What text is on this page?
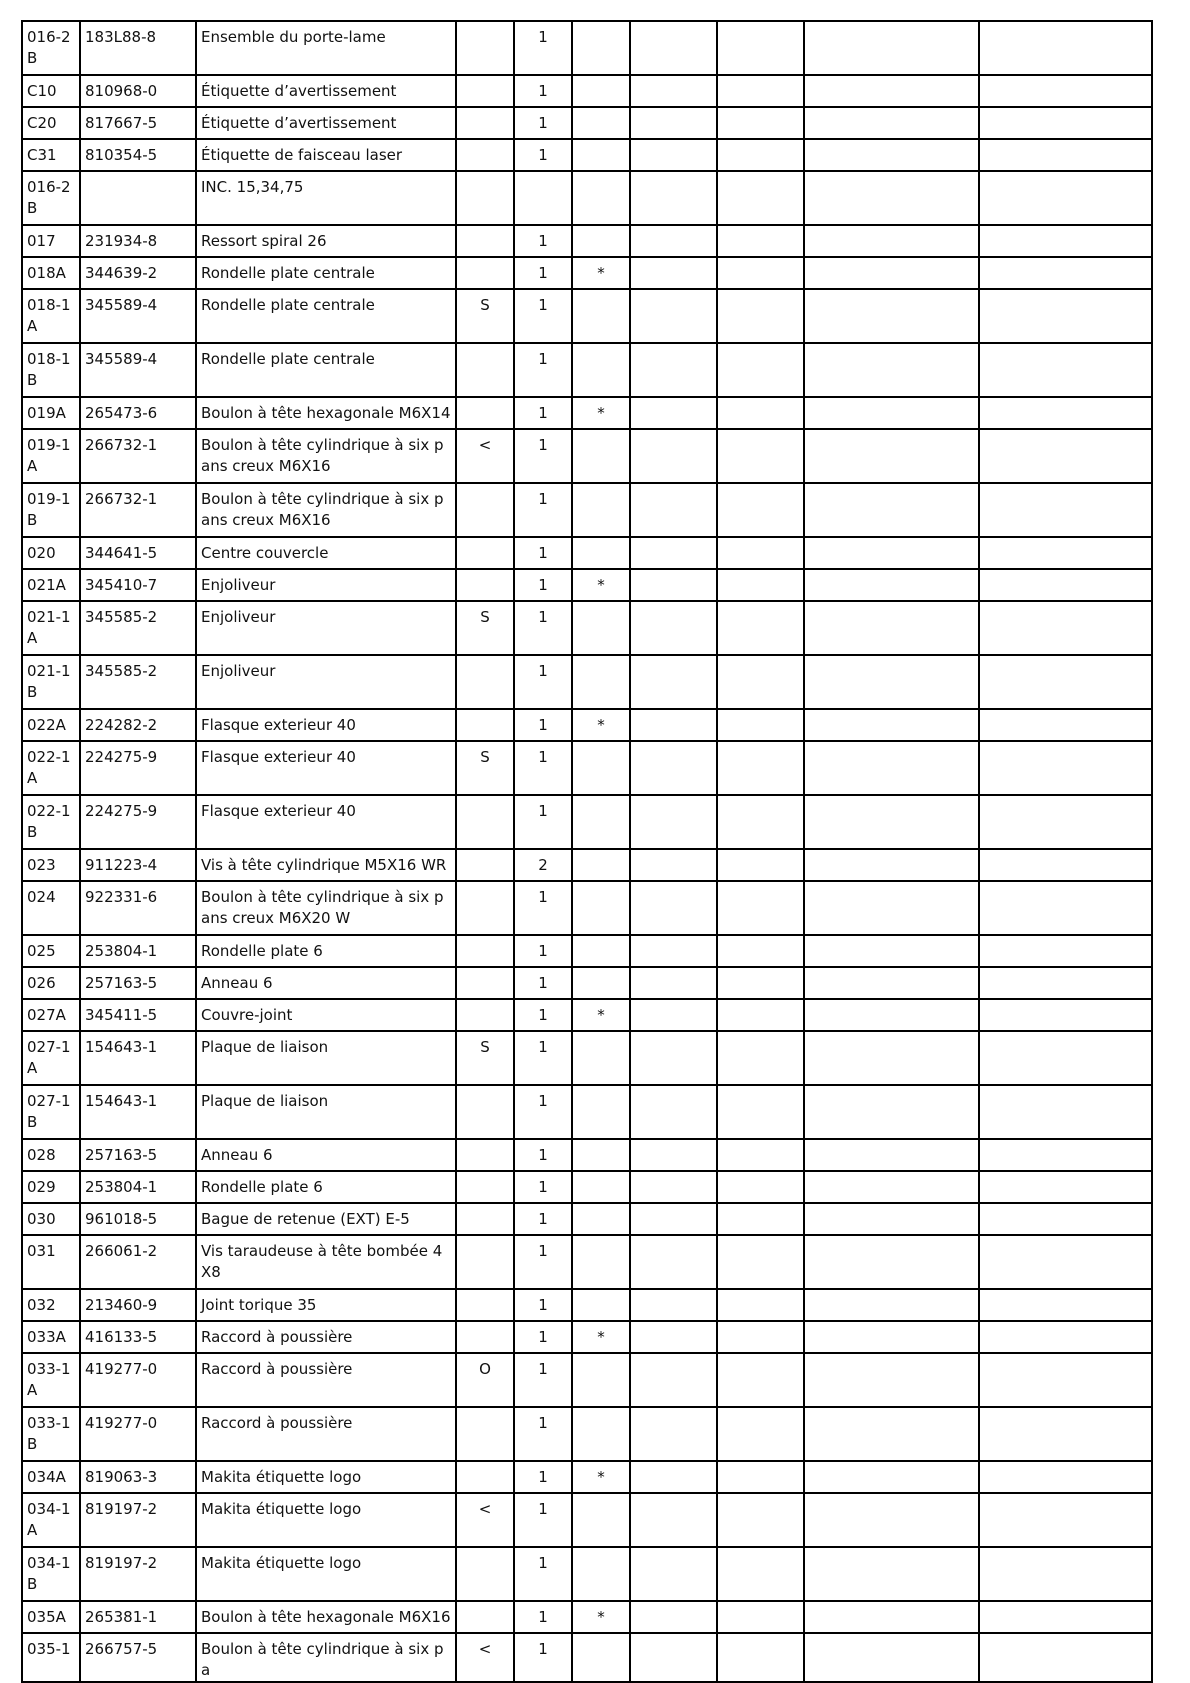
016-2B	183L88-8	Ensemble du porte-lame		1					
C10	810968-0	Étiquette d’avertissement		1					
C20	817667-5	Étiquette d’avertissement		1					
C31	810354-5	Étiquette de faisceau laser		1					
016-2B		INC. 15,34,75							
017	231934-8	Ressort spiral 26		1					
018A	344639-2	Rondelle plate centrale		1	*				
018-1A	345589-4	Rondelle plate centrale	S	1					
018-1B	345589-4	Rondelle plate centrale		1					
019A	265473-6	Boulon à tête hexagonale M6X14		1	*				
019-1A	266732-1	Boulon à tête cylindrique à six pans creux M6X16	<	1					
019-1B	266732-1	Boulon à tête cylindrique à six pans creux M6X16		1					
020	344641-5	Centre couvercle		1					
021A	345410-7	Enjoliveur		1	*				
021-1A	345585-2	Enjoliveur	S	1					
021-1B	345585-2	Enjoliveur		1					
022A	224282-2	Flasque exterieur 40		1	*				
022-1A	224275-9	Flasque exterieur 40	S	1					
022-1B	224275-9	Flasque exterieur 40		1					
023	911223-4	Vis à tête cylindrique M5X16 WR		2					
024	922331-6	Boulon à tête cylindrique à six pans creux M6X20 W		1					
025	253804-1	Rondelle plate 6		1					
026	257163-5	Anneau 6		1					
027A	345411-5	Couvre-joint		1	*				
027-1A	154643-1	Plaque de liaison	S	1					
027-1B	154643-1	Plaque de liaison		1					
028	257163-5	Anneau 6		1					
029	253804-1	Rondelle plate 6		1					
030	961018-5	Bague de retenue (EXT) E-5		1					
031	266061-2	Vis taraudeuse à tête bombée 4X8		1					
032	213460-9	Joint torique 35		1					
033A	416133-5	Raccord à poussière		1	*				
033-1A	419277-0	Raccord à poussière	O	1					
033-1B	419277-0	Raccord à poussière		1					
034A	819063-3	Makita étiquette logo		1	*				
034-1A	819197-2	Makita étiquette logo	<	1					
034-1B	819197-2	Makita étiquette logo		1					
035A	265381-1	Boulon à tête hexagonale M6X16		1	*				
035-1	266757-5	Boulon à tête cylindrique à six pa	<	1					
